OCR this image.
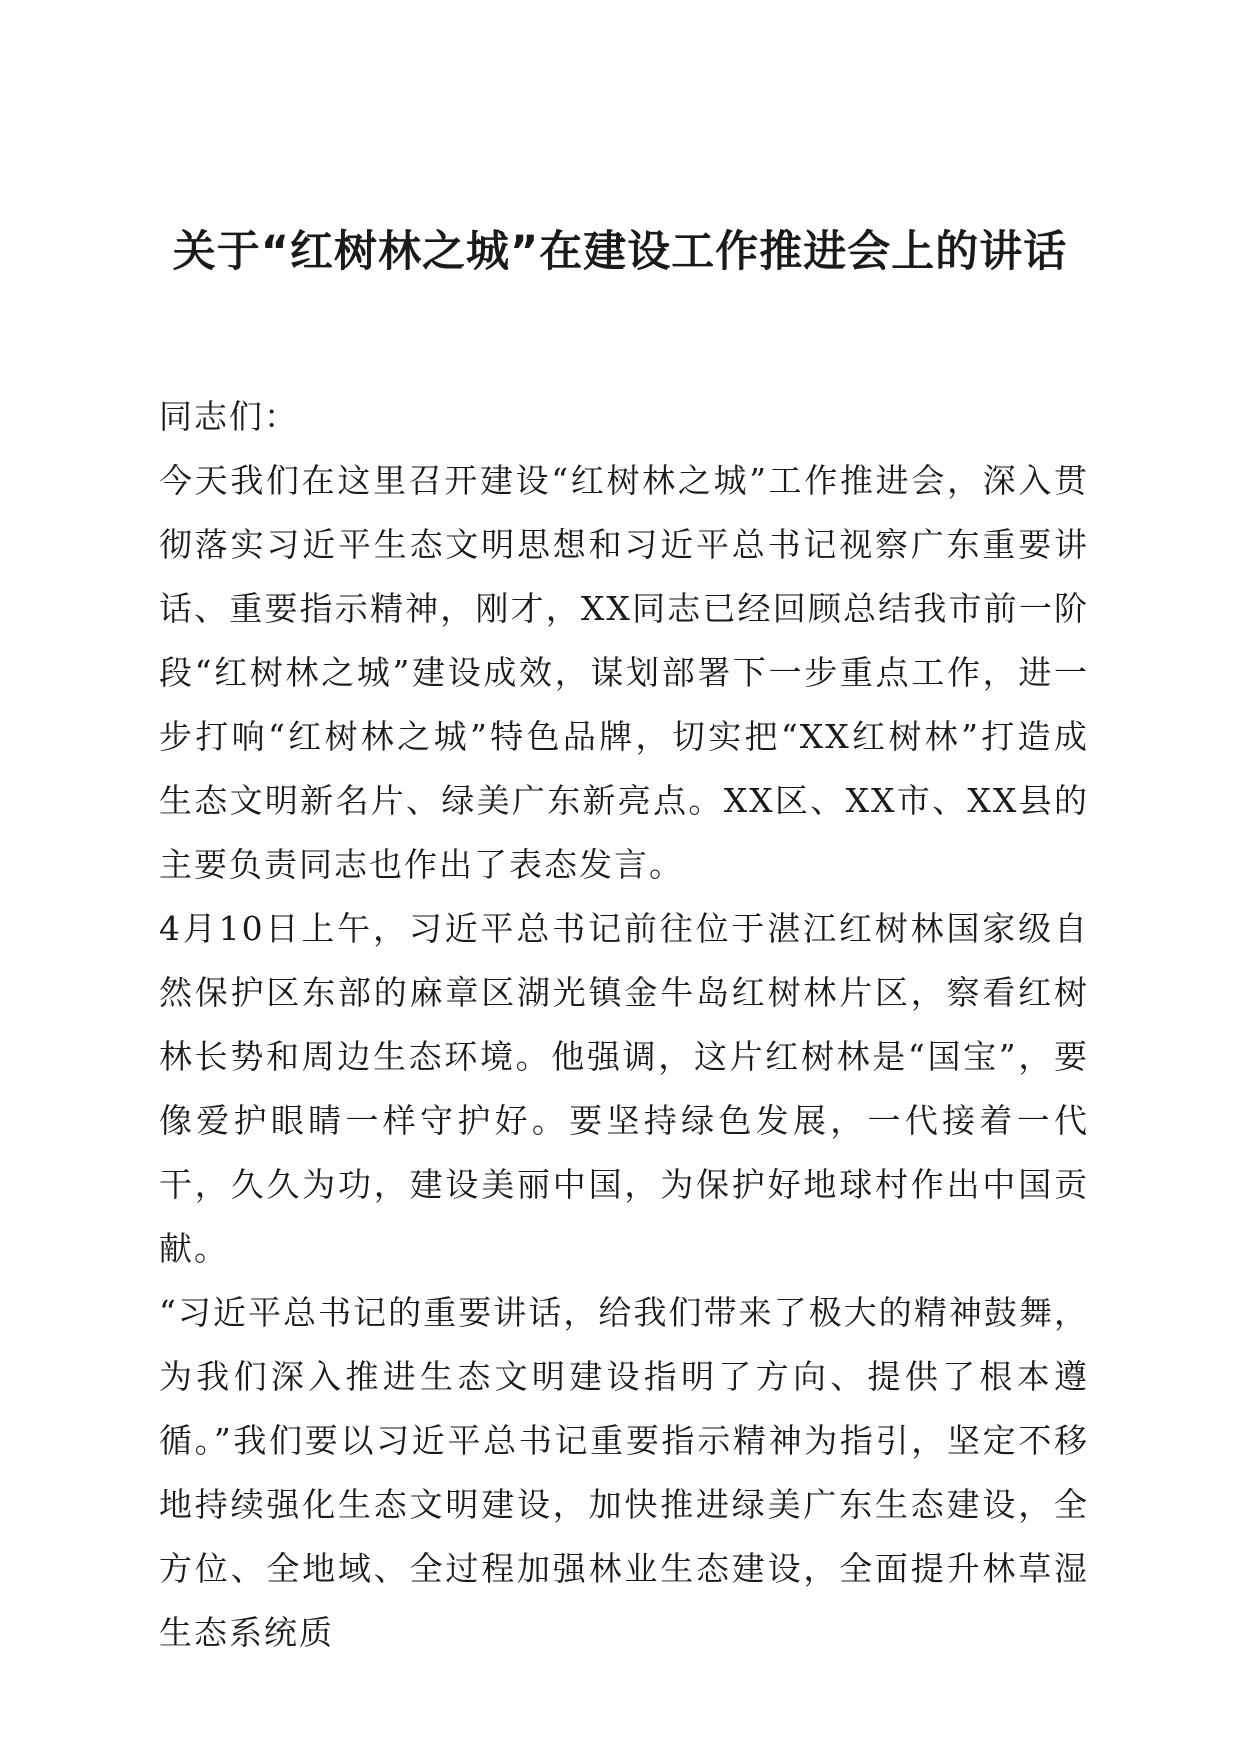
关于“红树林之城”在建设工作推进会上的讲话

同志们：

今天我们在这里召开建设“红树林之城”工作推进会，深入贯彻落实习近平生态文明思想和习近平总书记视察广东重要讲话、重要指示精神，刚才，XX同志已经回顾总结我市前一阶段“红树林之城”建设成效，谋划部署下一步重点工作，进一步打响“红树林之城”特色品牌，切实把“XX红树林”打造成生态文明新名片、绿美广东新亮点。XX区、XX市、XX县的主要负责同志也作出了表态发言。

4月10日上午，习近平总书记前往位于湛江红树林国家级自然保护区东部的麻章区湖光镇金牛岛红树林片区，察看红树林长势和周边生态环境。他强调，这片红树林是“国宝”，要像爱护眼睛一样守护好。要坚持绿色发展，一代接着一代干，久久为功，建设美丽中国，为保护好地球村作出中国贡献。

“习近平总书记的重要讲话，给我们带来了极大的精神鼓舞，为我们深入推进生态文明建设指明了方向、提供了根本遵循。”我们要以习近平总书记重要指示精神为指引，坚定不移地持续强化生态文明建设，加快推进绿美广东生态建设，全方位、全地域、全过程加强林业生态建设，全面提升林草湿生态系统质
